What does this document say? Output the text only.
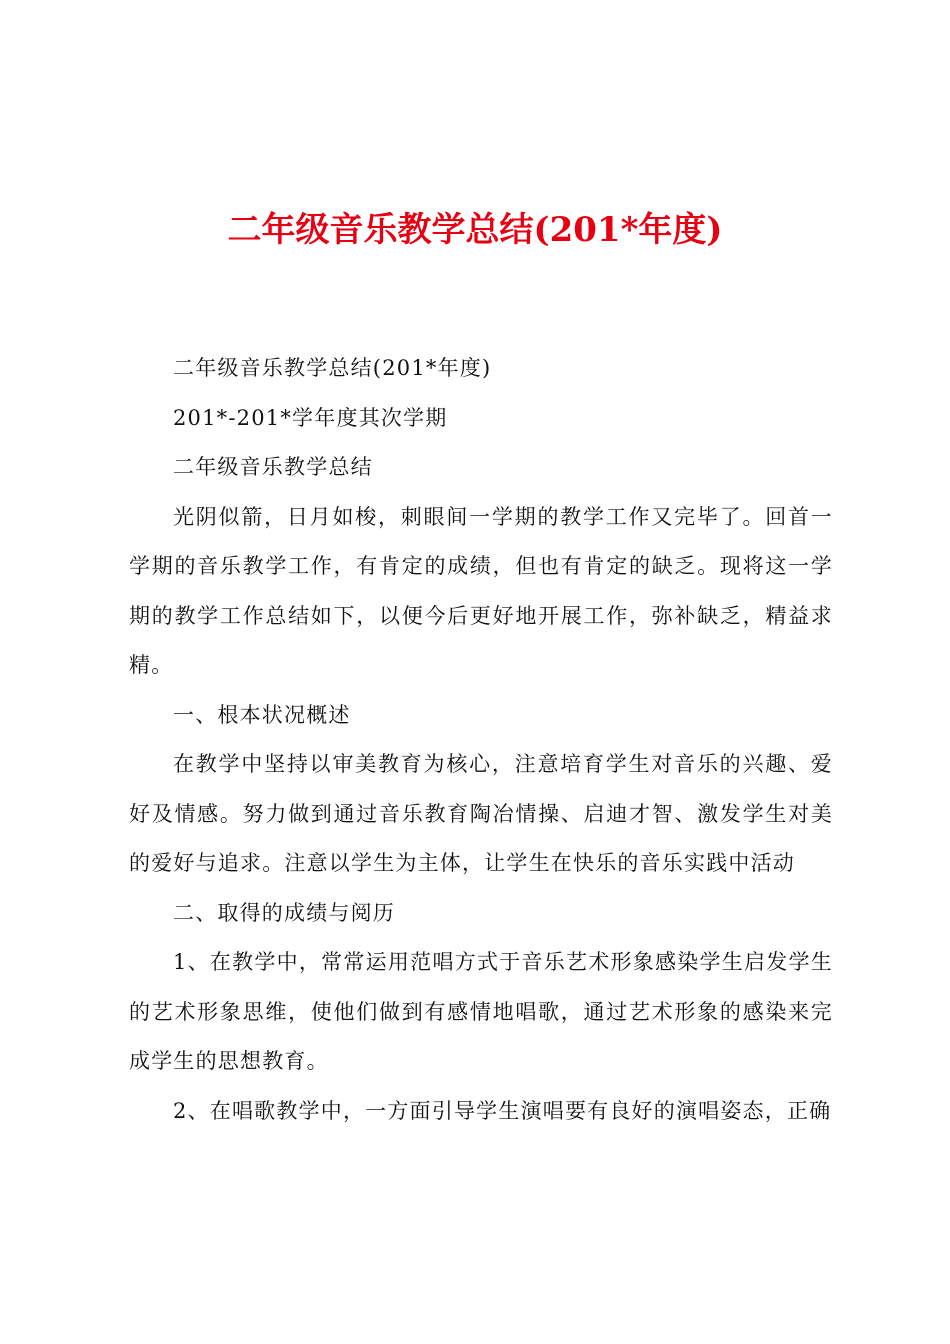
二年级音乐教学总结(201*年度)

二年级音乐教学总结(201*年度)

201*-201*学年度其次学期

二年级音乐教学总结

光阴似箭，日月如梭，刺眼间一学期的教学工作又完毕了。回首一学期的音乐教学工作，有肯定的成绩，但也有肯定的缺乏。现将这一学期的教学工作总结如下，以便今后更好地开展工作，弥补缺乏，精益求精。

一、根本状况概述

在教学中坚持以审美教育为核心，注意培育学生对音乐的兴趣、爱好及情感。努力做到通过音乐教育陶冶情操、启迪才智、激发学生对美的爱好与追求。注意以学生为主体，让学生在快乐的音乐实践中活动

二、取得的成绩与阅历

1、在教学中，常常运用范唱方式于音乐艺术形象感染学生启发学生的艺术形象思维，使他们做到有感情地唱歌，通过艺术形象的感染来完成学生的思想教育。

2、在唱歌教学中，一方面引导学生演唱要有良好的演唱姿态，正确
